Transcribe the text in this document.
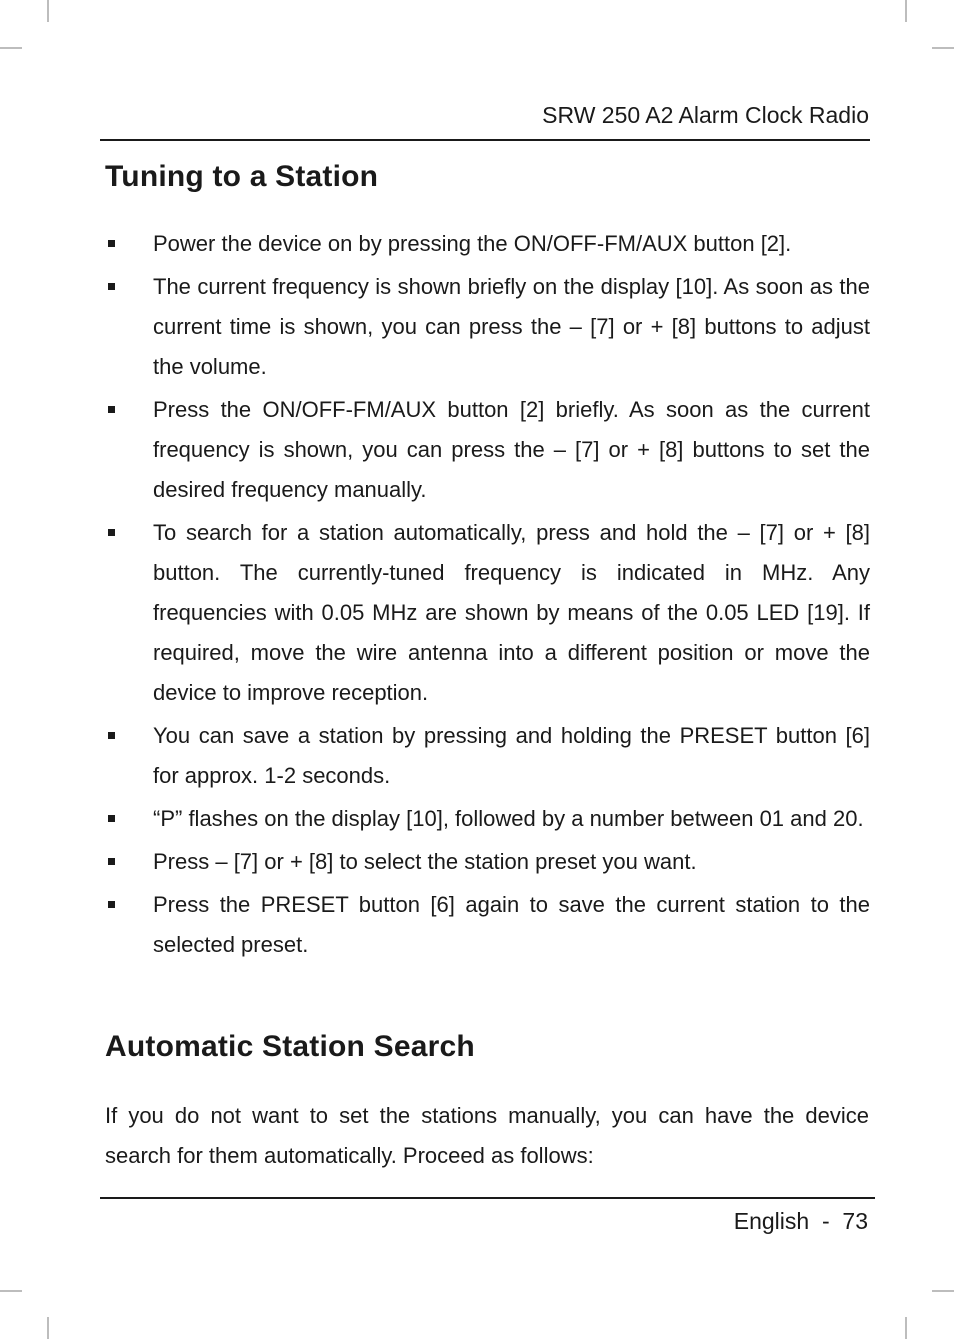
SRW 250 A2 Alarm Clock Radio
Tuning to a Station
Power the device on by pressing the ON/OFF-FM/AUX button [2].
The current frequency is shown briefly on the display [10]. As soon as the current time is shown, you can press the – [7] or + [8] buttons to adjust the volume.
Press the ON/OFF-FM/AUX button [2] briefly. As soon as the current frequency is shown, you can press the – [7] or + [8] buttons to set the desired frequency manually.
To search for a station automatically, press and hold the – [7] or + [8] button. The currently-tuned frequency is indicated in MHz. Any frequencies with 0.05 MHz are shown by means of the 0.05 LED [19]. If required, move the wire antenna into a different position or move the device to improve reception.
You can save a station by pressing and holding the PRESET button [6] for approx. 1-2 seconds.
“P” flashes on the display [10], followed by a number between 01 and 20.
Press – [7] or + [8] to select the station preset you want.
Press the PRESET button [6] again to save the current station to the selected preset.
Automatic Station Search

If you do not want to set the stations manually, you can have the device search for them automatically. Proceed as follows:

English - 73
